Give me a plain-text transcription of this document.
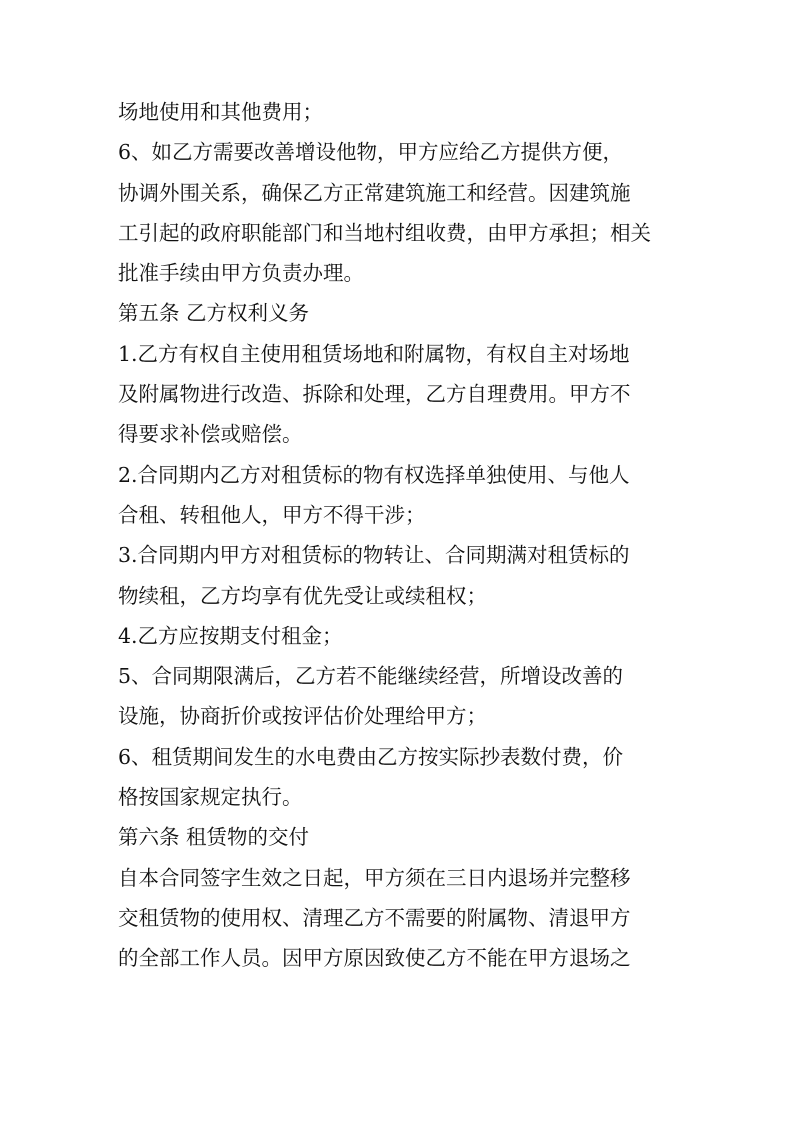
场地使用和其他费用；
6、如乙方需要改善增设他物，甲方应给乙方提供方便，
协调外围关系，确保乙方正常建筑施工和经营。因建筑施
工引起的政府职能部门和当地村组收费，由甲方承担；相关
批准手续由甲方负责办理。
第五条 乙方权利义务
1.乙方有权自主使用租赁场地和附属物，有权自主对场地
及附属物进行改造、拆除和处理，乙方自理费用。甲方不
得要求补偿或赔偿。
2.合同期内乙方对租赁标的物有权选择单独使用、与他人
合租、转租他人，甲方不得干涉；
3.合同期内甲方对租赁标的物转让、合同期满对租赁标的
物续租，乙方均享有优先受让或续租权；
4.乙方应按期支付租金；
5、合同期限满后，乙方若不能继续经营，所增设改善的
设施，协商折价或按评估价处理给甲方；
6、租赁期间发生的水电费由乙方按实际抄表数付费，价
格按国家规定执行。
第六条 租赁物的交付
自本合同签字生效之日起，甲方须在三日内退场并完整移
交租赁物的使用权、清理乙方不需要的附属物、清退甲方
的全部工作人员。因甲方原因致使乙方不能在甲方退场之
